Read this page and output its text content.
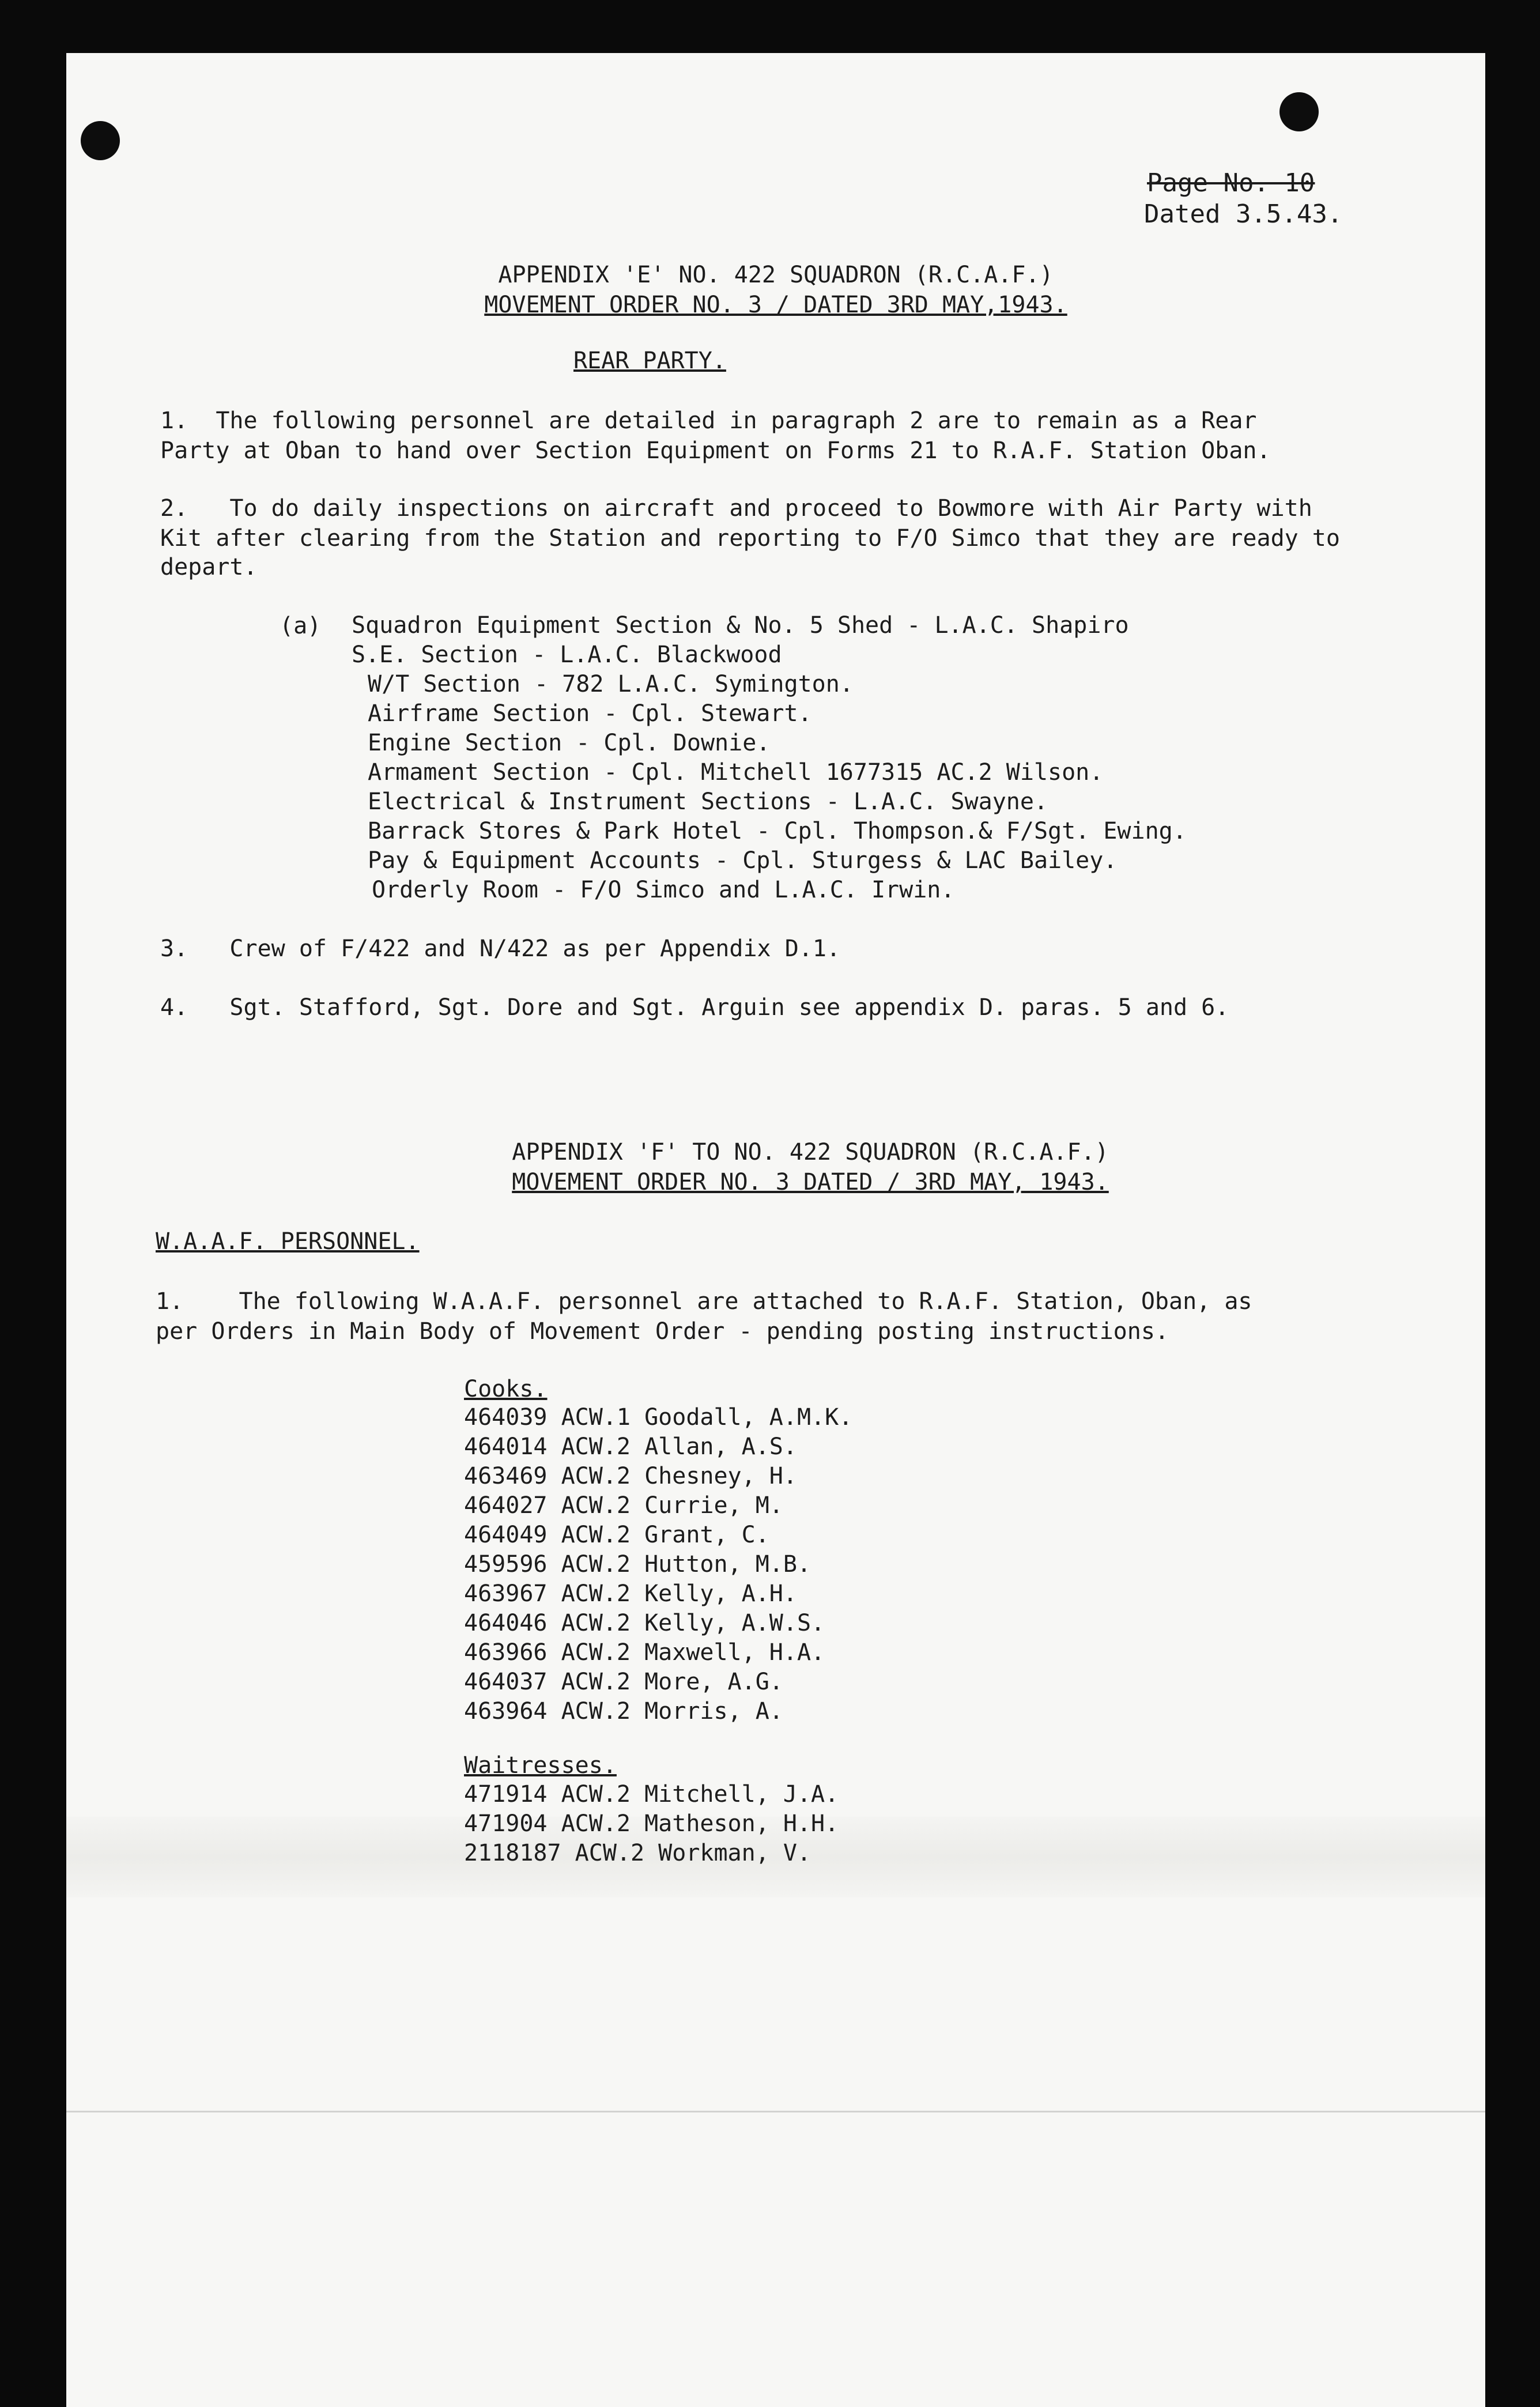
Page No. 10
Dated 3.5.43.
APPENDIX 'E' NO. 422 SQUADRON (R.C.A.F.)
MOVEMENT ORDER NO. 3 / DATED 3RD MAY,1943.
REAR PARTY.
1.  The following personnel are detailed in paragraph 2 are to remain as a Rear
Party at Oban to hand over Section Equipment on Forms 21 to R.A.F. Station Oban.
2.   To do daily inspections on aircraft and proceed to Bowmore with Air Party with
Kit after clearing from the Station and reporting to F/O Simco that they are ready to
depart.
(a) Squadron Equipment Section & No. 5 Shed - L.A.C. Shapiro
S.E. Section - L.A.C. Blackwood
W/T Section - 782 L.A.C. Symington.
Airframe Section - Cpl. Stewart.
Engine Section - Cpl. Downie.
Armament Section - Cpl. Mitchell 1677315 AC.2 Wilson.
Electrical & Instrument Sections - L.A.C. Swayne.
Barrack Stores & Park Hotel - Cpl. Thompson.& F/Sgt. Ewing.
Pay & Equipment Accounts - Cpl. Sturgess & LAC Bailey.
Orderly Room - F/O Simco and L.A.C. Irwin.
3.   Crew of F/422 and N/422 as per Appendix D.1.
4.   Sgt. Stafford, Sgt. Dore and Sgt. Arguin see appendix D. paras. 5 and 6.
APPENDIX 'F' TO NO. 422 SQUADRON (R.C.A.F.)
MOVEMENT ORDER NO. 3 DATED / 3RD MAY, 1943.
W.A.A.F. PERSONNEL.
1.    The following W.A.A.F. personnel are attached to R.A.F. Station, Oban, as
per Orders in Main Body of Movement Order - pending posting instructions.
Cooks.
464039 ACW.1 Goodall, A.M.K.
464014 ACW.2 Allan, A.S.
463469 ACW.2 Chesney, H.
464027 ACW.2 Currie, M.
464049 ACW.2 Grant, C.
459596 ACW.2 Hutton, M.B.
463967 ACW.2 Kelly, A.H.
464046 ACW.2 Kelly, A.W.S.
463966 ACW.2 Maxwell, H.A.
464037 ACW.2 More, A.G.
463964 ACW.2 Morris, A.
Waitresses.
471914 ACW.2 Mitchell, J.A.
471904 ACW.2 Matheson, H.H.
2118187 ACW.2 Workman, V.
